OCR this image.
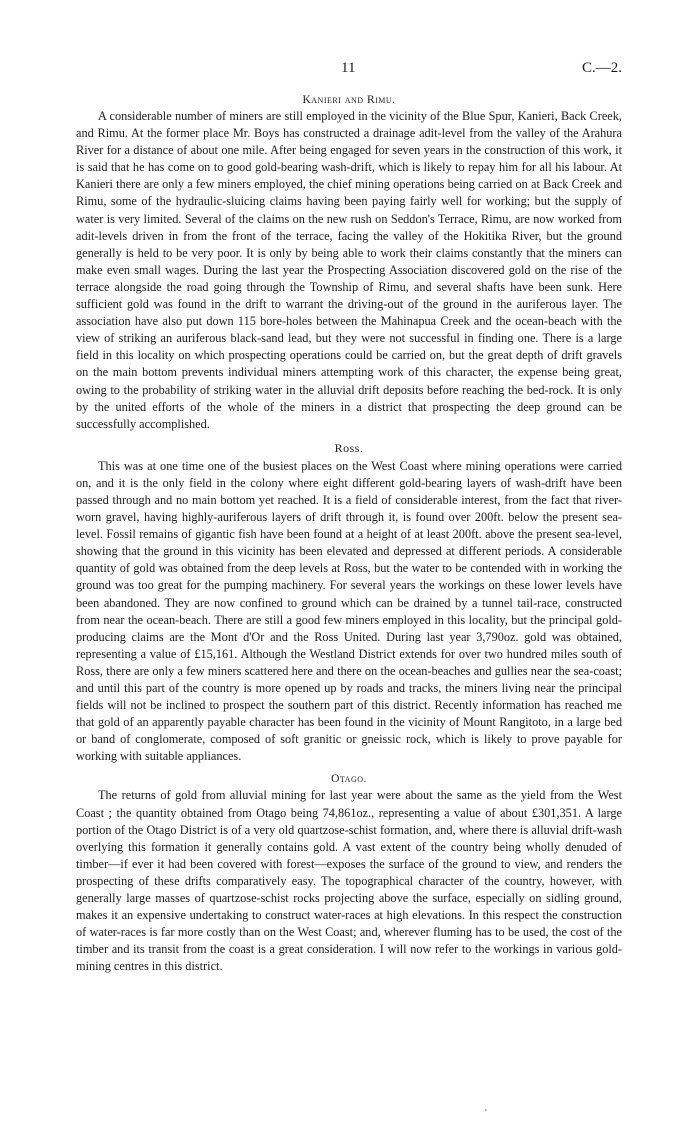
11	C.—2.
Kanieri and Rimu.

A considerable number of miners are still employed in the vicinity of the Blue Spur, Kanieri, Back Creek, and Rimu. At the former place Mr. Boys has constructed a drainage adit-level from the valley of the Arahura River for a distance of about one mile. After being engaged for seven years in the construction of this work, it is said that he has come on to good gold-bearing wash-drift, which is likely to repay him for all his labour. At Kanieri there are only a few miners employed, the chief mining operations being carried on at Back Creek and Rimu, some of the hydraulic-sluicing claims having been paying fairly well for working; but the supply of water is very limited. Several of the claims on the new rush on Seddon's Terrace, Rimu, are now worked from adit-levels driven in from the front of the terrace, facing the valley of the Hokitika River, but the ground generally is held to be very poor. It is only by being able to work their claims constantly that the miners can make even small wages. During the last year the Prospecting Association discovered gold on the rise of the terrace alongside the road going through the Township of Rimu, and several shafts have been sunk. Here sufficient gold was found in the drift to warrant the driving-out of the ground in the auriferous layer. The association have also put down 115 bore-holes between the Mahinapua Creek and the ocean-beach with the view of striking an auriferous black-sand lead, but they were not successful in finding one. There is a large field in this locality on which prospecting operations could be carried on, but the great depth of drift gravels on the main bottom prevents individual miners attempting work of this character, the expense being great, owing to the probability of striking water in the alluvial drift deposits before reaching the bed-rock. It is only by the united efforts of the whole of the miners in a district that prospecting the deep ground can be successfully accomplished.

Ross.

This was at one time one of the busiest places on the West Coast where mining operations were carried on, and it is the only field in the colony where eight different gold-bearing layers of wash-drift have been passed through and no main bottom yet reached. It is a field of considerable interest, from the fact that river-worn gravel, having highly-auriferous layers of drift through it, is found over 200ft. below the present sea-level. Fossil remains of gigantic fish have been found at a height of at least 200ft. above the present sea-level, showing that the ground in this vicinity has been elevated and depressed at different periods. A considerable quantity of gold was obtained from the deep levels at Ross, but the water to be contended with in working the ground was too great for the pumping machinery. For several years the workings on these lower levels have been abandoned. They are now confined to ground which can be drained by a tunnel tail-race, constructed from near the ocean-beach. There are still a good few miners employed in this locality, but the principal gold-producing claims are the Mont d'Or and the Ross United. During last year 3,790oz. gold was obtained, representing a value of £15,161. Although the Westland District extends for over two hundred miles south of Ross, there are only a few miners scattered here and there on the ocean-beaches and gullies near the sea-coast; and until this part of the country is more opened up by roads and tracks, the miners living near the principal fields will not be inclined to prospect the southern part of this district. Recently information has reached me that gold of an apparently payable character has been found in the vicinity of Mount Rangitoto, in a large bed or band of conglomerate, composed of soft granitic or gneissic rock, which is likely to prove payable for working with suitable appliances.

Otago.

The returns of gold from alluvial mining for last year were about the same as the yield from the West Coast ; the quantity obtained from Otago being 74,861oz., representing a value of about £301,351. A large portion of the Otago District is of a very old quartzose-schist formation, and, where there is alluvial drift-wash overlying this formation it generally contains gold. A vast extent of the country being wholly denuded of timber—if ever it had been covered with forest—exposes the surface of the ground to view, and renders the prospecting of these drifts comparatively easy. The topographical character of the country, however, with generally large masses of quartzose-schist rocks projecting above the surface, especially on sidling ground, makes it an expensive undertaking to construct water-races at high elevations. In this respect the construction of water-races is far more costly than on the West Coast; and, wherever fluming has to be used, the cost of the timber and its transit from the coast is a great consideration. I will now refer to the workings in various gold-mining centres in this district.

'
